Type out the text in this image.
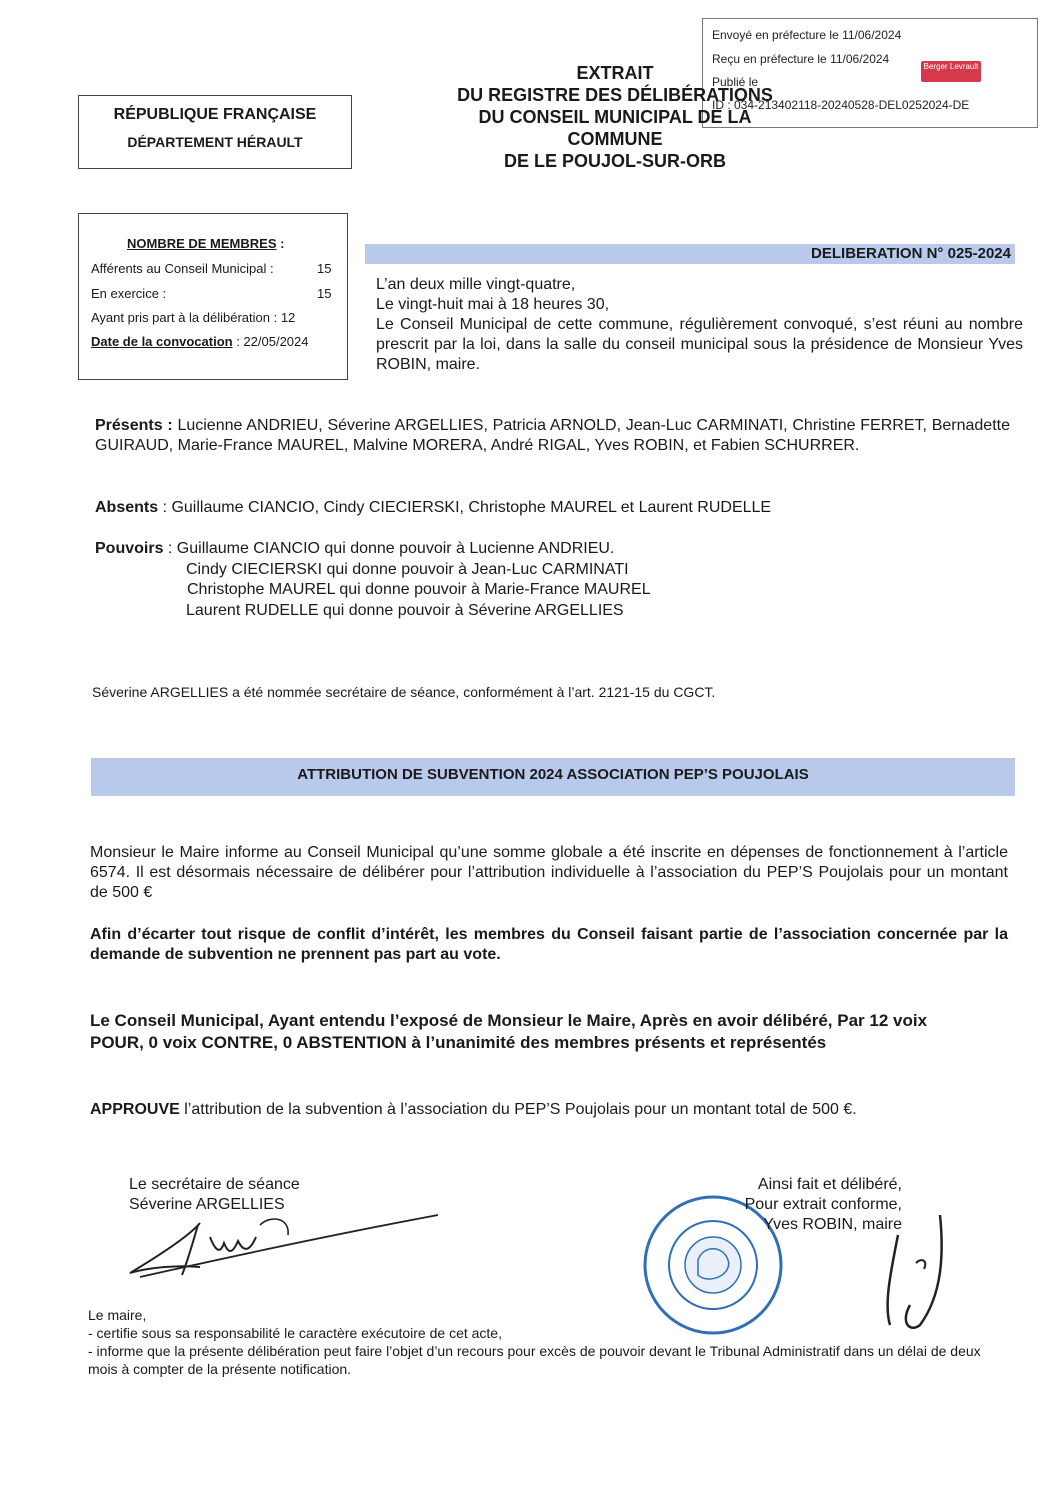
Envoyé en préfecture le 11/06/2024
Reçu en préfecture le 11/06/2024
Publié le
ID : 034-213402118-20240528-DEL0252024-DE
Berger Levrault
EXTRAIT
DU REGISTRE DES DÉLIBÉRATIONS
DU CONSEIL MUNICIPAL DE LA
COMMUNE
DE LE POUJOL-SUR-ORB
RÉPUBLIQUE FRANÇAISE
DÉPARTEMENT HÉRAULT
NOMBRE DE MEMBRES :
Afférents au Conseil Municipal :	15
En exercice :	15
Ayant pris part à la délibération : 12
Date de la convocation : 22/05/2024
DELIBERATION N° 025-2024
L’an deux mille vingt-quatre,
Le vingt-huit mai à 18 heures 30,
Le Conseil Municipal de cette commune, régulièrement convoqué, s’est réuni au nombre prescrit par la loi, dans la salle du conseil municipal sous la présidence de Monsieur Yves ROBIN, maire.
Présents : Lucienne ANDRIEU, Séverine ARGELLIES, Patricia ARNOLD, Jean-Luc CARMINATI, Christine FERRET, Bernadette GUIRAUD, Marie-France MAUREL, Malvine MORERA, André RIGAL, Yves ROBIN, et Fabien SCHURRER.
Absents : Guillaume CIANCIO, Cindy CIECIERSKI, Christophe MAUREL et Laurent RUDELLE
Pouvoirs : Guillaume CIANCIO qui donne pouvoir à Lucienne ANDRIEU.
Cindy CIECIERSKI qui donne pouvoir à Jean-Luc CARMINATI
Christophe MAUREL qui donne pouvoir à Marie-France MAUREL
Laurent RUDELLE qui donne pouvoir à Séverine ARGELLIES
Séverine ARGELLIES a été nommée secrétaire de séance, conformément à l’art. 2121-15 du CGCT.
ATTRIBUTION DE SUBVENTION 2024 ASSOCIATION PEP’S POUJOLAIS
Monsieur le Maire informe au Conseil Municipal qu’une somme globale a été inscrite en dépenses de fonctionnement à l’article 6574. Il est désormais nécessaire de délibérer pour l’attribution individuelle à l’association du PEP’S Poujolais pour un montant de 500 €
Afin d’écarter tout risque de conflit d’intérêt, les membres du Conseil faisant partie de l’association concernée par la demande de subvention ne prennent pas part au vote.
Le Conseil Municipal, Ayant entendu l’exposé de Monsieur le Maire, Après en avoir délibéré, Par 12 voix POUR, 0 voix CONTRE, 0 ABSTENTION à l’unanimité des membres présents et représentés
APPROUVE l’attribution de la subvention à l’association du PEP’S Poujolais pour un montant total de 500 €.
Le secrétaire de séance
Séverine ARGELLIES
Ainsi fait et délibéré,
Pour extrait conforme,
Yves ROBIN, maire
Le maire,
- certifie sous sa responsabilité le caractère exécutoire de cet acte,
- informe que la présente délibération peut faire l’objet d’un recours pour excès de pouvoir devant le Tribunal Administratif dans un délai de deux mois à compter de la présente notification.
